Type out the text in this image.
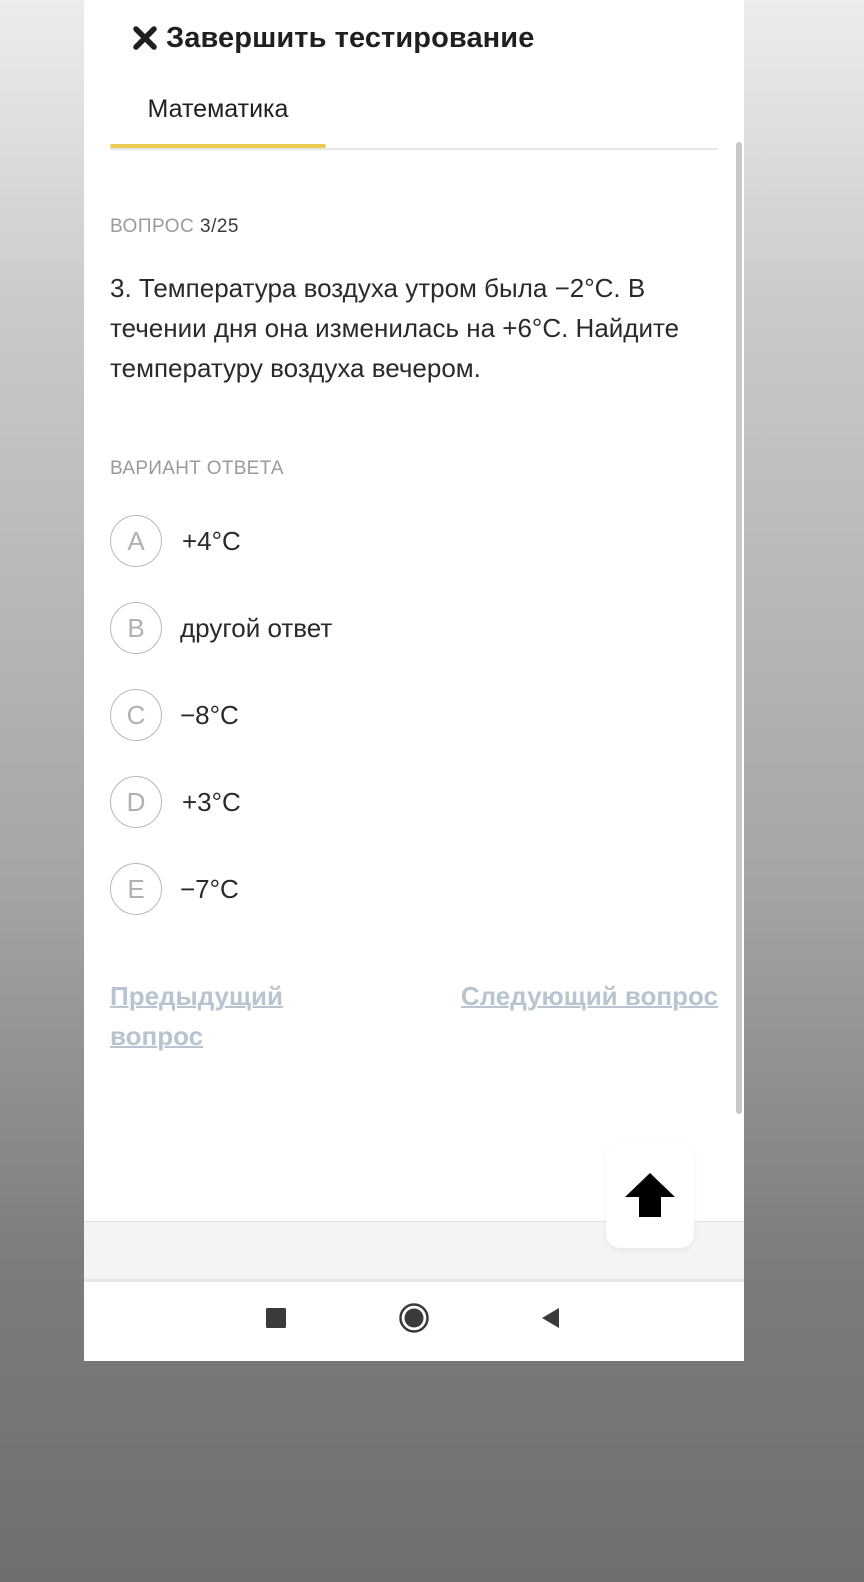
Завершить тестирование
Математика
ВОПРОС 3/25
3. Температура воздуха утром была −2°С. В течении дня она изменилась на +6°С. Найдите температуру воздуха вечером.
ВАРИАНТ ОТВЕТА
A +4°С
B другой ответ
C −8°С
D +3°С
E −7°С
Предыдущий вопрос
Следующий вопрос
